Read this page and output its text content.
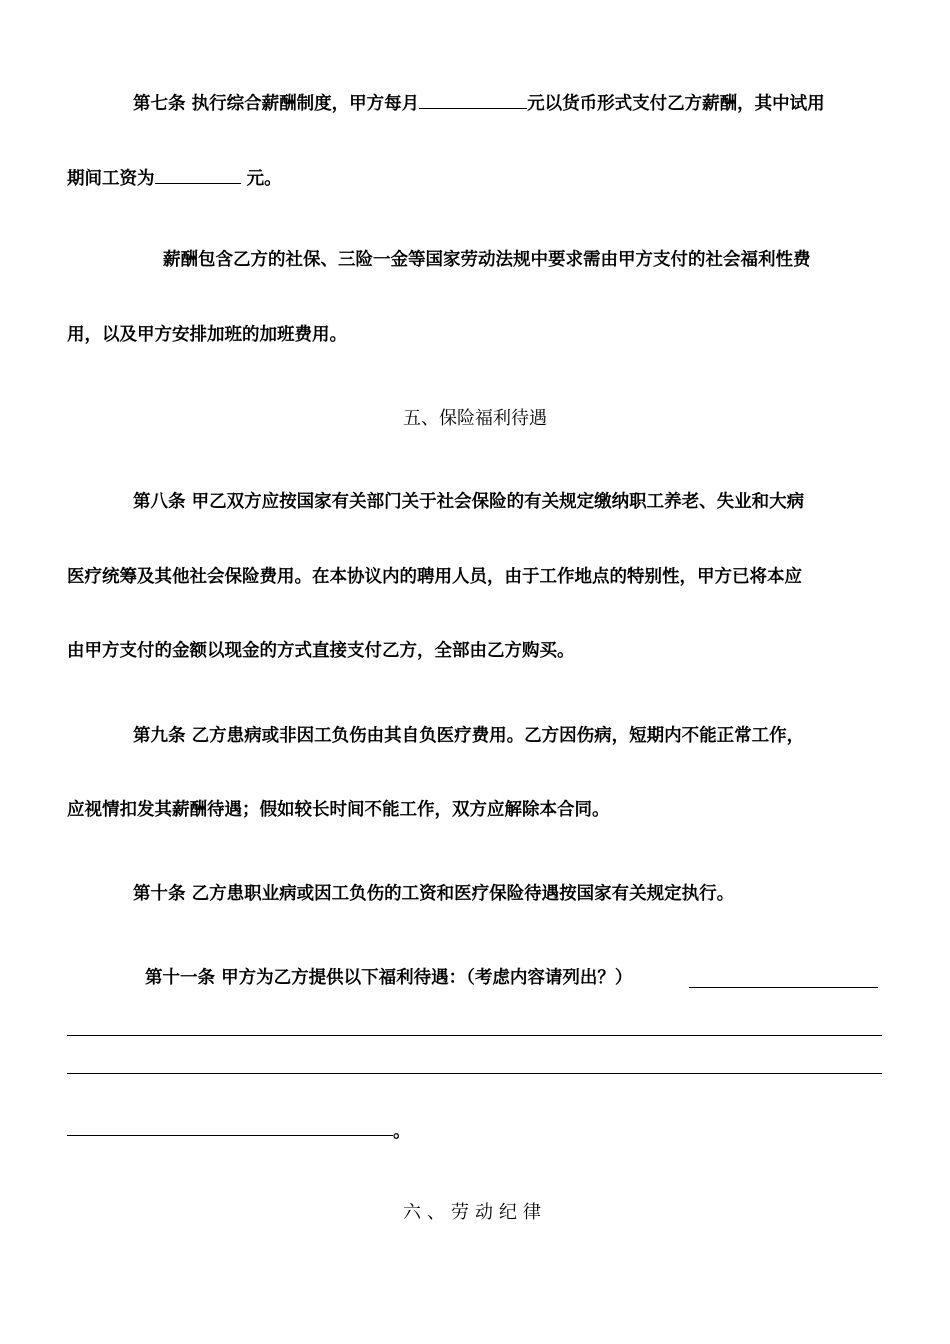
第七条 执行综合薪酬制度，甲方每月	元以货币形式支付乙方薪酬，其中试用
期间工资为	元。
薪酬包含乙方的社保、三险一金等国家劳动法规中要求需由甲方支付的社会福利性费
用，以及甲方安排加班的加班费用。
五、保险福利待遇
第八条 甲乙双方应按国家有关部门关于社会保险的有关规定缴纳职工养老、失业和大病
医疗统筹及其他社会保险费用。在本协议内的聘用人员，由于工作地点的特别性，甲方已将本应
由甲方支付的金额以现金的方式直接支付乙方，全部由乙方购买。
第九条 乙方患病或非因工负伤由其自负医疗费用。乙方因伤病，短期内不能正常工作，
应视情扣发其薪酬待遇；假如较长时间不能工作，双方应解除本合同。
第十条 乙方患职业病或因工负伤的工资和医疗保险待遇按国家有关规定执行。
第十一条 甲方为乙方提供以下福利待遇：（考虑内容请列出？）
。
六、劳动纪律
